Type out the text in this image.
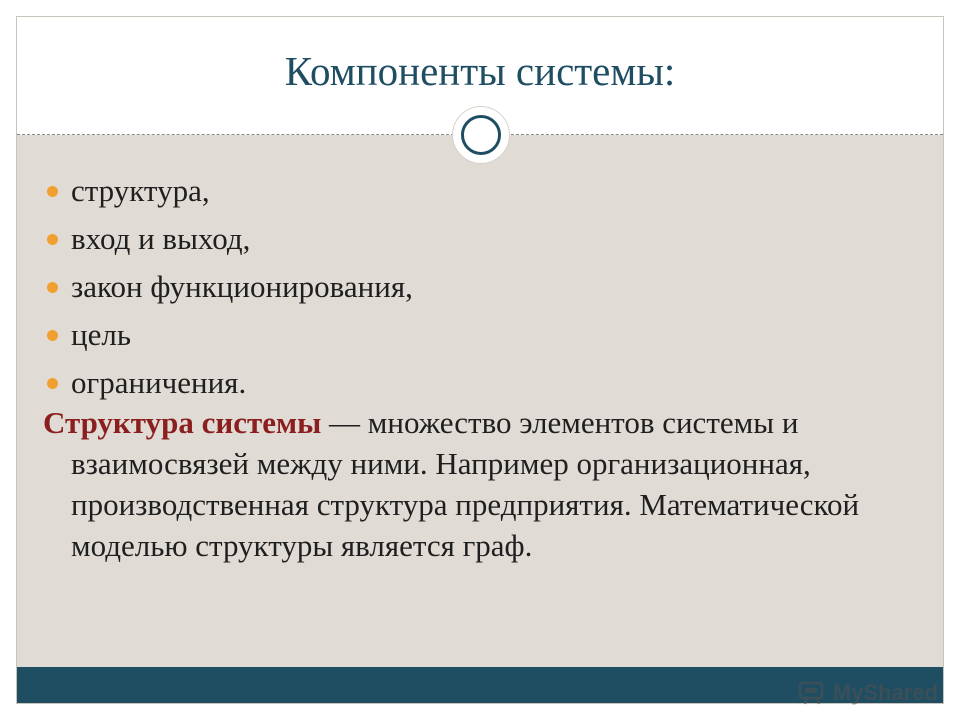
Компоненты системы:
структура,
вход и выход,
закон функционирования,
цель
ограничения.
Структура системы — множество элементов системы и взаимосвязей между ними. Например организационная, производственная структура предприятия. Математической моделью структуры является граф.
MyShared
